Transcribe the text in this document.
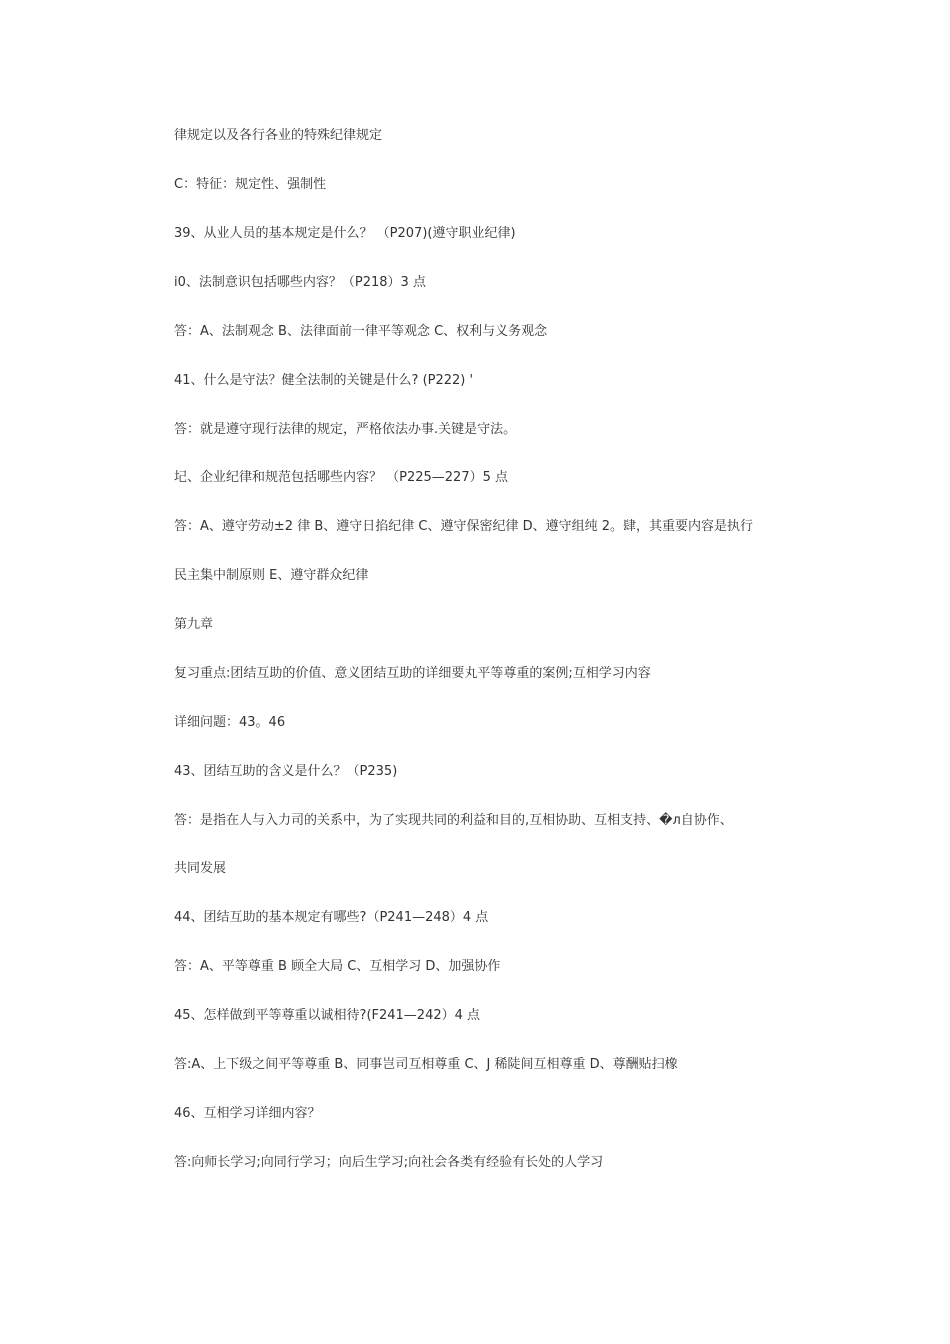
律规定以及各行各业的特殊纪律规定
C：特征：规定性、强制性
39、从业人员的基本规定是什么？ （P207)(遵守职业纪律)
i0、法制意识包括哪些内容？（P218）3 点
答：A、法制观念 B、法律面前一律平等观念 C、权利与义务观念
41、什么是守法？健全法制的关键是什么? (P222) '
答：就是遵守现行法律的规定，严格依法办事.关键是守法。
圮、企业纪律和规范包括哪些内容？ （P225—227）5 点
答：A、遵守劳动±2 律 B、遵守日掐纪律 C、遵守保密纪律 D、遵守组纯 2。肆，其重要内容是执行
民主集中制原则 E、遵守群众纪律
第九章
复习重点:团结互助的价值、意义团结互助的详细要丸平等尊重的案例;互相学习内容
详细问题：43。46
43、团结互助的含义是什么？（P235)
答：是指在人与入力司的关系中，为了实现共同的利益和目的,互相协助、互相支持、�л自协作、
共同发展
44、团结互助的基本规定有哪些?（P241—248）4 点
答：A、平等尊重 B 顾全大局 C、互相学习 D、加强协作
45、怎样做到平等尊重以诚相待?(F241—242）4 点
答:A、上下级之间平等尊重 B、同事岂司互相尊重 C、J 稀陡间互相尊重 D、尊酬贴扫橡
46、互相学习详细内容？
答:向师长学习;向同行学习；向后生学习;向社会各类有经验有长处的人学习
